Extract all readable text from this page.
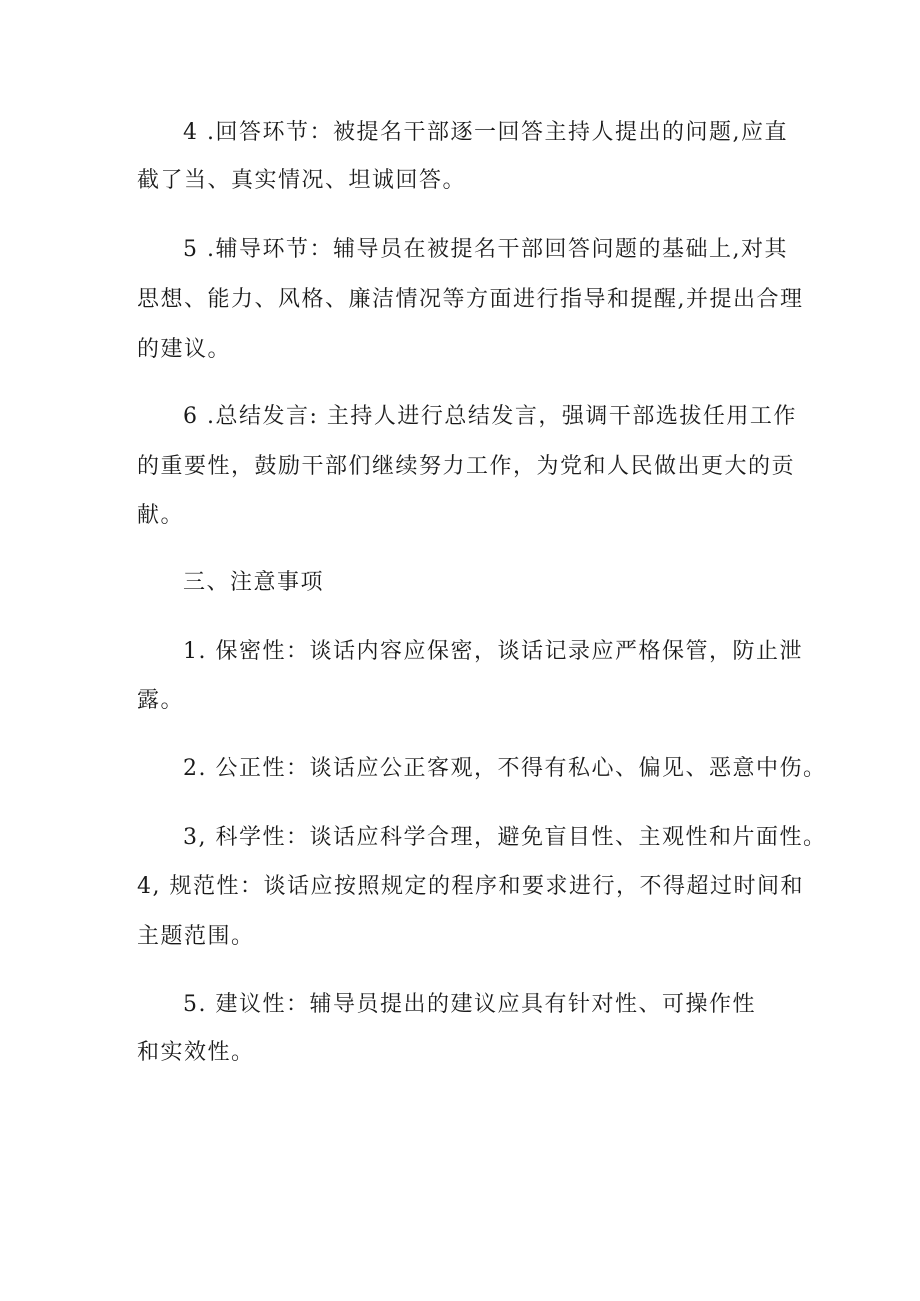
4 .回答环节：被提名干部逐一回答主持人提出的问题,应直
截了当、真实情况、坦诚回答。
5 .辅导环节：辅导员在被提名干部回答问题的基础上,对其
思想、能力、风格、廉洁情况等方面进行指导和提醒,并提出合理
的建议。
6 .总结发言: 主持人进行总结发言，强调干部选拔任用工作
的重要性，鼓励干部们继续努力工作，为党和人民做出更大的贡
献。
三、注意事项
1. 保密性：谈话内容应保密，谈话记录应严格保管，防止泄
露。
2. 公正性：谈话应公正客观，不得有私心、偏见、恶意中伤。
3, 科学性：谈话应科学合理，避免盲目性、主观性和片面性。
4, 规范性：谈话应按照规定的程序和要求进行，不得超过时间和
主题范围。
5. 建议性：辅导员提出的建议应具有针对性、可操作性
和实效性。
